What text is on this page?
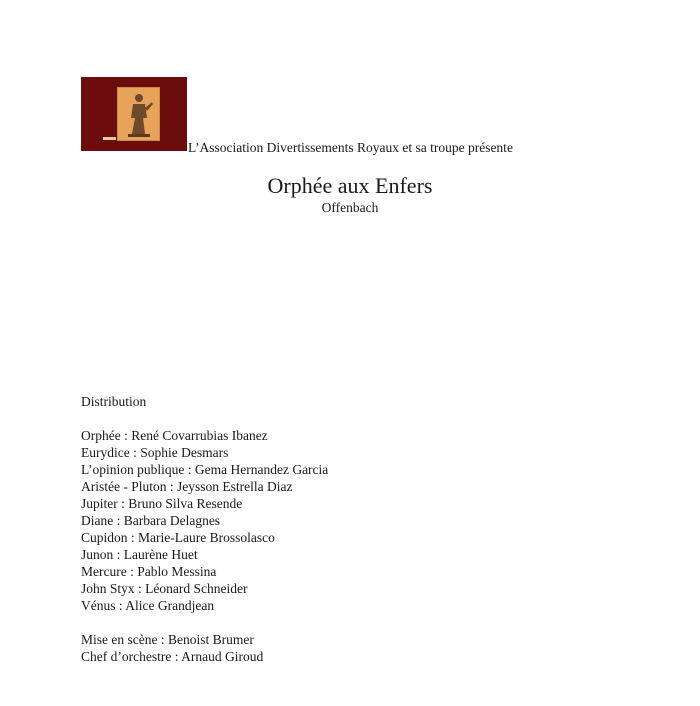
L’Association Divertissements Royaux et sa troupe présente
Orphée aux Enfers
Offenbach
Distribution
Orphée : René Covarrubias Ibanez
Eurydice : Sophie Desmars
L’opinion publique : Gema Hernandez Garcia
Aristée - Pluton : Jeysson Estrella Diaz
Jupiter : Bruno Silva Resende
Diane : Barbara Delagnes
Cupidon : Marie-Laure Brossolasco
Junon : Laurène Huet
Mercure : Pablo Messina
John Styx : Léonard Schneider
Vénus : Alice Grandjean
Mise en scène : Benoist Brumer
Chef d’orchestre : Arnaud Giroud
